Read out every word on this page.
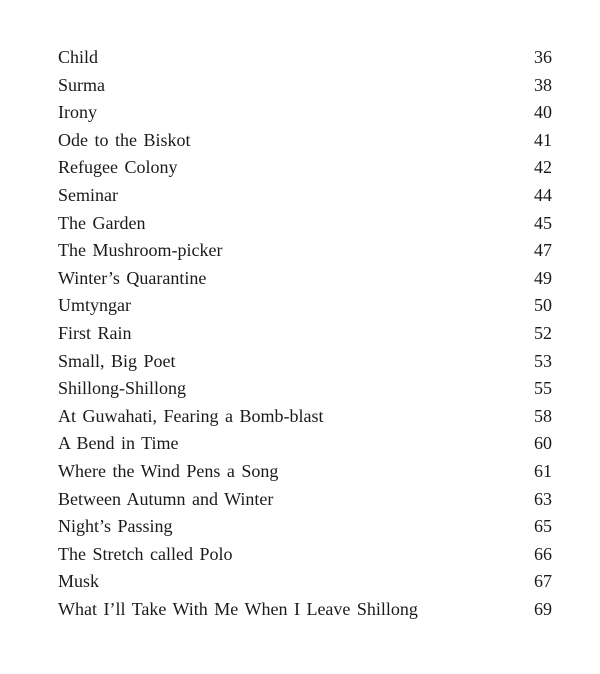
Child	36
Surma	38
Irony	40
Ode to the Biskot	41
Refugee Colony	42
Seminar	44
The Garden	45
The Mushroom-picker	47
Winter’s Quarantine	49
Umtyngar	50
First Rain	52
Small, Big Poet	53
Shillong-Shillong	55
At Guwahati, Fearing a Bomb-blast	58
A Bend in Time	60
Where the Wind Pens a Song	61
Between Autumn and Winter	63
Night’s Passing	65
The Stretch called Polo	66
Musk	67
What I’ll Take With Me When I Leave Shillong	69
